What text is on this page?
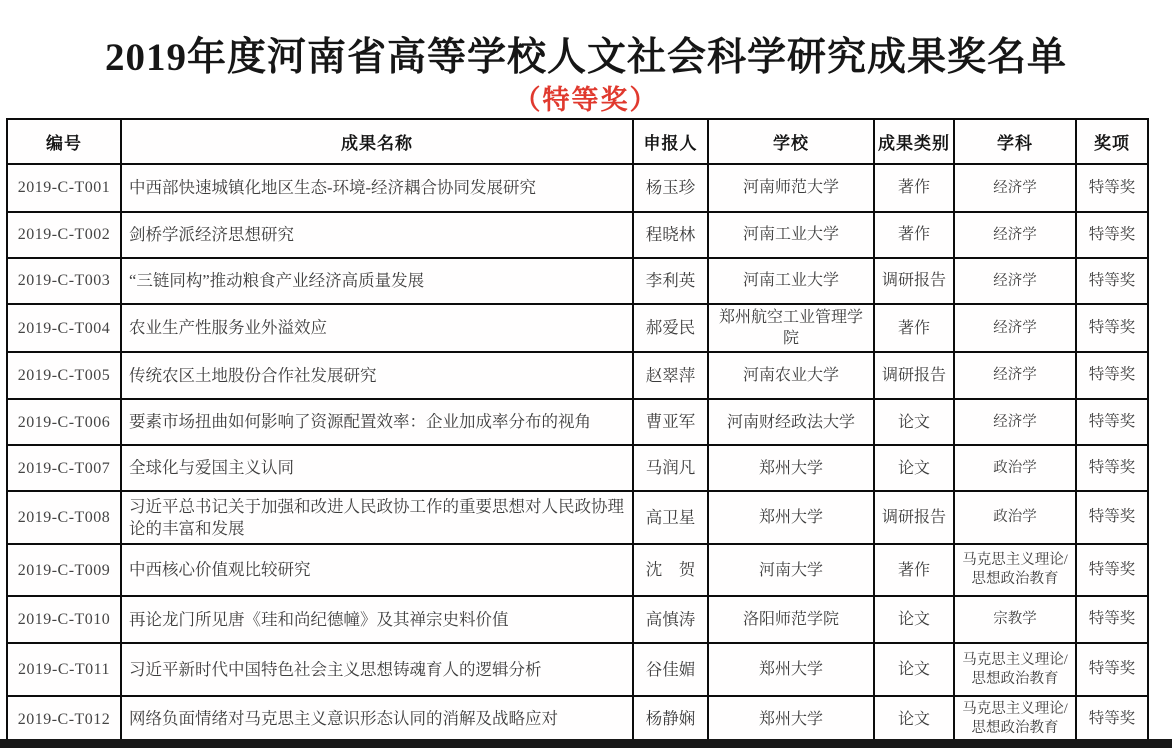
2019年度河南省高等学校人文社会科学研究成果奖名单
（特等奖）
编号	成果名称	申报人	学校	成果类别	学科	奖项
2019-C-T001	中西部快速城镇化地区生态-环境-经济耦合协同发展研究	杨玉珍	河南师范大学	著作	经济学	特等奖
2019-C-T002	剑桥学派经济思想研究	程晓林	河南工业大学	著作	经济学	特等奖
2019-C-T003	“三链同构”推动粮食产业经济高质量发展	李利英	河南工业大学	调研报告	经济学	特等奖
2019-C-T004	农业生产性服务业外溢效应	郝爱民	郑州航空工业管理学院	著作	经济学	特等奖
2019-C-T005	传统农区土地股份合作社发展研究	赵翠萍	河南农业大学	调研报告	经济学	特等奖
2019-C-T006	要素市场扭曲如何影响了资源配置效率：企业加成率分布的视角	曹亚军	河南财经政法大学	论文	经济学	特等奖
2019-C-T007	全球化与爱国主义认同	马润凡	郑州大学	论文	政治学	特等奖
2019-C-T008	习近平总书记关于加强和改进人民政协工作的重要思想对人民政协理论的丰富和发展	高卫星	郑州大学	调研报告	政治学	特等奖
2019-C-T009	中西核心价值观比较研究	沈　贺	河南大学	著作	马克思主义理论/思想政治教育	特等奖
2019-C-T010	再论龙门所见唐《珪和尚纪德幢》及其禅宗史料价值	高慎涛	洛阳师范学院	论文	宗教学	特等奖
2019-C-T011	习近平新时代中国特色社会主义思想铸魂育人的逻辑分析	谷佳媚	郑州大学	论文	马克思主义理论/思想政治教育	特等奖
2019-C-T012	网络负面情绪对马克思主义意识形态认同的消解及战略应对	杨静娴	郑州大学	论文	马克思主义理论/思想政治教育	特等奖
